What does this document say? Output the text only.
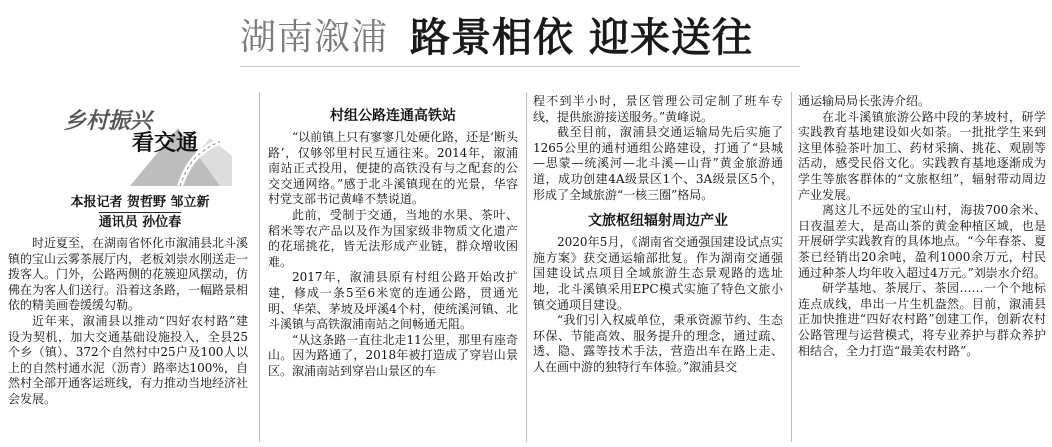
湖南溆浦 路景相依 迎来送往
乡村振兴
看交通
本报记者 贺哲野 邹立新
通讯员 孙位春

时近夏至，在湖南省怀化市溆浦县北斗溪镇的宝山云雾茶展厅内，老板刘崇水刚送走一拨客人。门外，公路两侧的花簇迎风摆动，仿佛在为客人们送行。沿着这条路，一幅路景相依的精美画卷缓缓勾勒。

近年来，溆浦县以推动“四好农村路”建设为契机，加大交通基础设施投入，全县25个乡（镇）、372个自然村中25户及100人以上的自然村通水泥（沥青）路率达100%，自然村全部开通客运班线，有力推动当地经济社会发展。

村组公路连通高铁站

“以前镇上只有寥寥几处硬化路，还是‘断头路’，仅够邻里村民互通往来。2014年，溆浦南站正式投用，便捷的高铁没有与之配套的公交交通网络。”感于北斗溪镇现在的光景，华容村党支部书记黄峰不禁说道。

此前，受制于交通，当地的水果、茶叶、稻米等农产品以及作为国家级非物质文化遗产的花瑶挑花，皆无法形成产业链，群众增收困难。

2017年，溆浦县原有村组公路开始改扩建，修成一条5至6米宽的连通公路，贯通光明、华荣、茅坡及坪溪4个村，使统溪河镇、北斗溪镇与高铁溆浦南站之间畅通无阻。

“从这条路一直往北走11公里，那里有座奇山。因为路通了，2018年被打造成了穿岩山景区。溆浦南站到穿岩山景区的车

程不到半小时，景区管理公司定制了班车专线，提供旅游接送服务。”黄峰说。

截至目前，溆浦县交通运输局先后实施了1265公里的通村通组公路建设，打通了“县城—思蒙—统溪河—北斗溪—山背”黄金旅游通道，成功创建4A级景区1个、3A级景区5个，形成了全域旅游“一核三圈”格局。

文旅枢纽辐射周边产业

2020年5月，《湖南省交通强国建设试点实施方案》获交通运输部批复。作为湖南交通强国建设试点项目全域旅游生态景观路的选址地，北斗溪镇采用EPC模式实施了特色文旅小镇交通项目建设。

“我们引入权威单位，秉承资源节约、生态环保、节能高效、服务提升的理念，通过疏、透、隐、露等技术手法，营造出车在路上走、人在画中游的独特行车体验。”溆浦县交

通运输局局长张涛介绍。

在北斗溪镇旅游公路中段的茅坡村，研学实践教育基地建设如火如荼。一批批学生来到这里体验茶叶加工、药材采摘、挑花、观剧等活动，感受民俗文化。实践教育基地逐渐成为学生等旅客群体的“文旅枢纽”，辐射带动周边产业发展。

离这儿不远处的宝山村，海拔700余米、日夜温差大，是高山茶的黄金种植区域，也是开展研学实践教育的具体地点。“今年春茶、夏茶已经销出20余吨，盈利1000余万元，村民通过种茶人均年收入超过4万元。”刘崇水介绍。

研学基地、茶展厅、茶园……一个个地标连点成线，串出一片生机盎然。目前，溆浦县正加快推进“四好农村路”创建工作，创新农村公路管理与运营模式，将专业养护与群众养护相结合，全力打造“最美农村路”。
